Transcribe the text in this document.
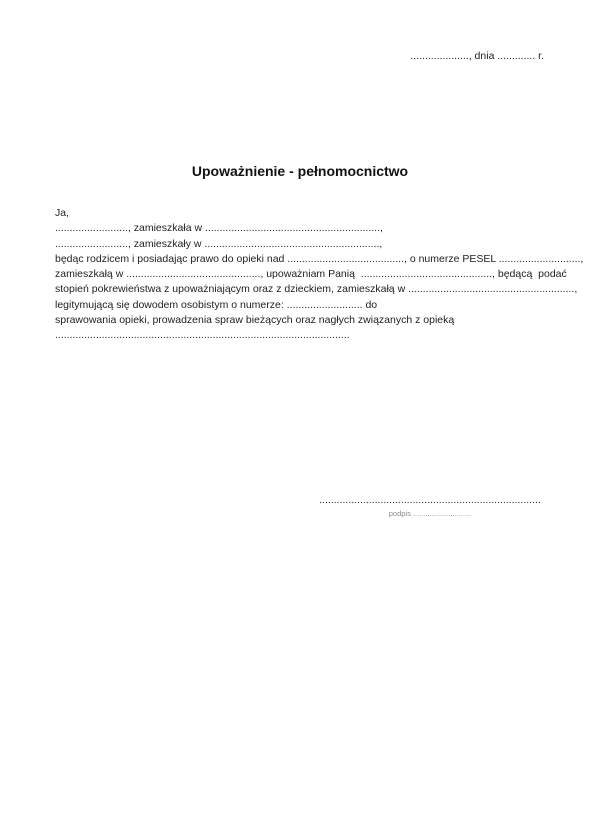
...................., dnia ............. r.
Upoważnienie - pełnomocnictwo
Ja,
........................., zamieszkała w ............................................................,
........................., zamieszkały w ............................................................,
będąc rodzicem i posiadając prawo do opieki nad ........................................, o numerze PESEL ............................,
zamieszkałą w .............................................., upoważniam Panią  ............................................., będącą  podać
stopień pokrewieństwa z upoważniającym oraz z dzieckiem, zamieszkałą w .........................................................,
legitymującą się dowodem osobistym o numerze: .......................... do
sprawowania opieki, prowadzenia spraw bieżących oraz nagłych związanych z opieką
.....................................................................................................
............................................................................
podpis ............................
